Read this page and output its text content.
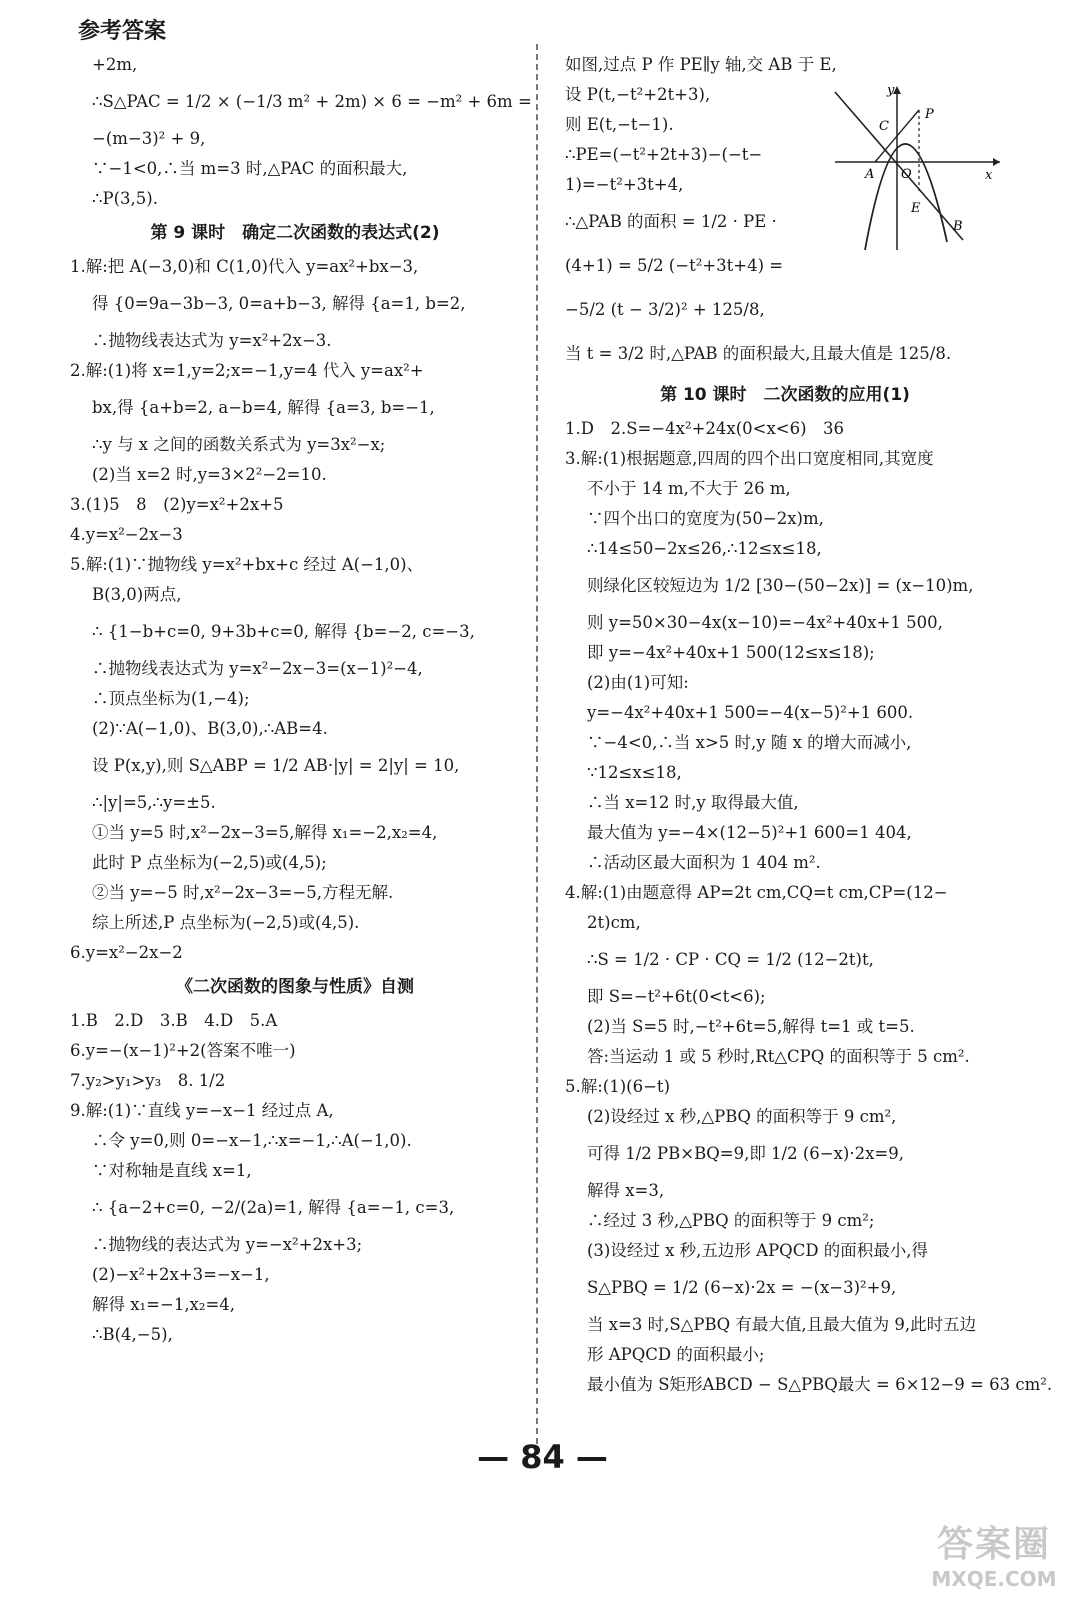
参考答案
+2m,
∴S△PAC = 1/2 × (−1/3 m² + 2m) × 6 = −m² + 6m =
−(m−3)² + 9,
∵−1<0,∴当 m=3 时,△PAC 的面积最大,
∴P(3,5).
第 9 课时　确定二次函数的表达式(2)
1.解:把 A(−3,0)和 C(1,0)代入 y=ax²+bx−3,
得 {0=9a−3b−3, 0=a+b−3, 解得 {a=1, b=2,
∴抛物线表达式为 y=x²+2x−3.
2.解:(1)将 x=1,y=2;x=−1,y=4 代入 y=ax²+
bx,得 {a+b=2, a−b=4, 解得 {a=3, b=−1,
∴y 与 x 之间的函数关系式为 y=3x²−x;
(2)当 x=2 时,y=3×2²−2=10.
3.(1)5　8　(2)y=x²+2x+5
4.y=x²−2x−3
5.解:(1)∵抛物线 y=x²+bx+c 经过 A(−1,0)、
B(3,0)两点,
∴ {1−b+c=0, 9+3b+c=0, 解得 {b=−2, c=−3,
∴抛物线表达式为 y=x²−2x−3=(x−1)²−4,
∴顶点坐标为(1,−4);
(2)∵A(−1,0)、B(3,0),∴AB=4.
设 P(x,y),则 S△ABP = 1/2 AB·|y| = 2|y| = 10,
∴|y|=5,∴y=±5.
①当 y=5 时,x²−2x−3=5,解得 x₁=−2,x₂=4,
此时 P 点坐标为(−2,5)或(4,5);
②当 y=−5 时,x²−2x−3=−5,方程无解.
综上所述,P 点坐标为(−2,5)或(4,5).
6.y=x²−2x−2
《二次函数的图象与性质》自测
1.B　2.D　3.B　4.D　5.A
6.y=−(x−1)²+2(答案不唯一)
7.y₂>y₁>y₃　8. 1/2
9.解:(1)∵直线 y=−x−1 经过点 A,
∴令 y=0,则 0=−x−1,∴x=−1,∴A(−1,0).
∵对称轴是直线 x=1,
∴ {a−2+c=0, −2/(2a)=1, 解得 {a=−1, c=3,
∴抛物线的表达式为 y=−x²+2x+3;
(2)−x²+2x+3=−x−1,
解得 x₁=−1,x₂=4,
∴B(4,−5),
如图,过点 P 作 PE∥y 轴,交 AB 于 E,
设 P(t,−t²+2t+3),
则 E(t,−t−1).
∴PE=(−t²+2t+3)−(−t−
1)=−t²+3t+4,
∴△PAB 的面积 = 1/2 · PE ·
(4+1) = 5/2 (−t²+3t+4) =
−5/2 (t − 3/2)² + 125/8,
当 t = 3/2 时,△PAB 的面积最大,且最大值是 125/8.
第 10 课时　二次函数的应用(1)
1.D　2.S=−4x²+24x(0<x<6)　36
3.解:(1)根据题意,四周的四个出口宽度相同,其宽度
不小于 14 m,不大于 26 m,
∵四个出口的宽度为(50−2x)m,
∴14≤50−2x≤26,∴12≤x≤18,
则绿化区较短边为 1/2 [30−(50−2x)] = (x−10)m,
则 y=50×30−4x(x−10)=−4x²+40x+1 500,
即 y=−4x²+40x+1 500(12≤x≤18);
(2)由(1)可知:
y=−4x²+40x+1 500=−4(x−5)²+1 600.
∵−4<0,∴当 x>5 时,y 随 x 的增大而减小,
∵12≤x≤18,
∴当 x=12 时,y 取得最大值,
最大值为 y=−4×(12−5)²+1 600=1 404,
∴活动区最大面积为 1 404 m².
4.解:(1)由题意得 AP=2t cm,CQ=t cm,CP=(12−
2t)cm,
∴S = 1/2 · CP · CQ = 1/2 (12−2t)t,
即 S=−t²+6t(0<t<6);
(2)当 S=5 时,−t²+6t=5,解得 t=1 或 t=5.
答:当运动 1 或 5 秒时,Rt△CPQ 的面积等于 5 cm².
5.解:(1)(6−t)
(2)设经过 x 秒,△PBQ 的面积等于 9 cm²,
可得 1/2 PB×BQ=9,即 1/2 (6−x)·2x=9,
解得 x=3,
∴经过 3 秒,△PBQ 的面积等于 9 cm²;
(3)设经过 x 秒,五边形 APQCD 的面积最小,得
S△PBQ = 1/2 (6−x)·2x = −(x−3)²+9,
当 x=3 时,S△PBQ 有最大值,且最大值为 9,此时五边
形 APQCD 的面积最小;
最小值为 S矩形ABCD − S△PBQ最大 = 6×12−9 = 63 cm².
y
x
C
P
A O
E
B
— 84 —
答案圈
MXQE.COM
